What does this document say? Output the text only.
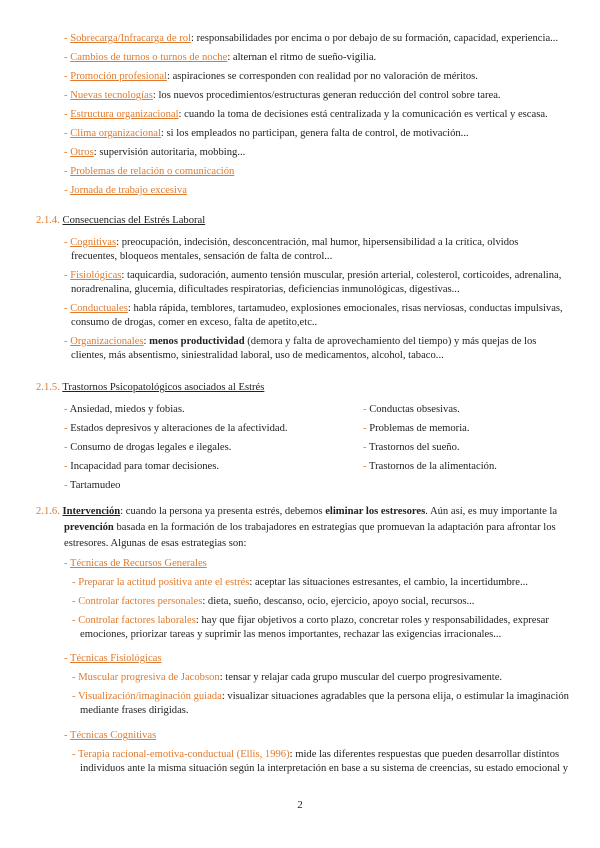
- Sobrecarga/Infracarga de rol: responsabilidades por encima o por debajo de su formación, capacidad, experiencia...
- Cambios de turnos o turnos de noche: alternan el ritmo de sueño-vigilia.
- Promoción profesional: aspiraciones se corresponden con realidad por no valoración de méritos.
- Nuevas tecnologías: los nuevos procedimientos/estructuras generan reducción del control sobre tarea.
- Estructura organizacional: cuando la toma de decisiones está centralizada y la comunicación es vertical y escasa.
- Clima organizacional: si los empleados no participan, genera falta de control, de motivación...
- Otros: supervisión autoritaria, mobbing...
- Problemas de relación o comunicación
- Jornada de trabajo excesiva
2.1.4. Consecuencias del Estrés Laboral
- Cognitivas: preocupación, indecisión, desconcentración, mal humor, hipersensibilidad a la crítica, olvidos
frecuentes, bloqueos mentales, sensación de falta de control...
- Fisiológicas: taquicardia, sudoración, aumento tensión muscular, presión arterial, colesterol, corticoides, adrenalina,
noradrenalina, glucemia, dificultades respiratorias, deficiencias inmunológicas, digestivas...
- Conductuales: habla rápida, temblores, tartamudeo, explosiones emocionales, risas nerviosas, conductas impulsivas,
consumo de drogas, comer en exceso, falta de apetito,etc..
- Organizacionales: menos productividad (demora y falta de aprovechamiento del tiempo) y más quejas de los
clientes, más absentismo, siniestralidad laboral, uso de medicamentos, alcohol, tabaco...
2.1.5. Trastornos Psicopatológicos asociados al Estrés
- Ansiedad, miedos y fobias.
- Estados depresivos y alteraciones de la afectividad.
- Consumo de drogas legales e ilegales.
- Incapacidad para tomar decisiones.
- Tartamudeo
- Conductas obsesivas.
- Problemas de memoria.
- Trastornos del sueño.
- Trastornos de la alimentación.
2.1.6. Intervención: cuando la persona ya presenta estrés, debemos eliminar los estresores. Aún así, es muy importante la
prevención basada en la formación de los trabajadores en estrategias que promuevan la adaptación para afrontar los
estresores. Algunas de esas estrategias son:
- Técnicas de Recursos Generales
- Preparar la actitud positiva ante el estrés: aceptar las situaciones estresantes, el cambio, la incertidumbre...
- Controlar factores personales: dieta, sueño, descanso, ocio, ejercicio, apoyo social, recursos...
- Controlar factores laborales: hay que fijar objetivos a corto plazo, concretar roles y responsabilidades, expresar
emociones, priorizar tareas y suprimir las menos importantes, rechazar las exigencias irracionales...
- Técnicas Fisiológicas
- Muscular progresiva de Jacobson: tensar y relajar cada grupo muscular del cuerpo progresivamente.
- Visualización/imaginación guiada: visualizar situaciones agradables que la persona elija, o estimular la imaginación
mediante frases dirigidas.
- Técnicas Cognitivas
- Terapia racional-emotiva-conductual (Ellis, 1996): mide las diferentes respuestas que pueden desarrollar distintos
individuos ante la misma situación según la interpretación en base a su sistema de creencias, su estado emocional y
2
